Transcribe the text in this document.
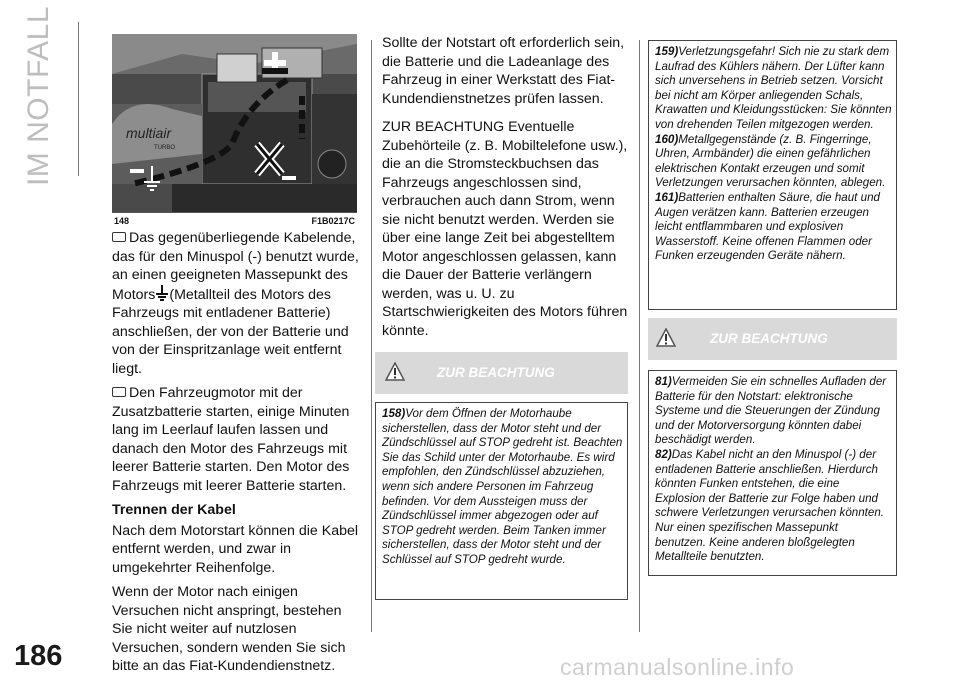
IM NOTFALL	multiair
TURBO
148	F1B0217C

Das gegenüberliegende Kabelende, das für den Minuspol (-) benutzt wurde, an einen geeigneten Massepunkt des Motors (Metallteil des Motors des Fahrzeugs mit entladener Batterie) anschließen, der von der Batterie und von der Einspritzanlage weit entfernt liegt.

Den Fahrzeugmotor mit der Zusatzbatterie starten, einige Minuten lang im Leerlauf laufen lassen und danach den Motor des Fahrzeugs mit leerer Batterie starten. Den Motor des Fahrzeugs mit leerer Batterie starten.

Trennen der Kabel

Nach dem Motorstart können die Kabel entfernt werden, und zwar in umgekehrter Reihenfolge.

Wenn der Motor nach einigen Versuchen nicht anspringt, bestehen Sie nicht weiter auf nutzlosen Versuchen, sondern wenden Sie sich bitte an das Fiat-Kundendienstnetz.

Sollte der Notstart oft erforderlich sein, die Batterie und die Ladeanlage des Fahrzeug in einer Werkstatt des Fiat-Kundendienstnetzes prüfen lassen.

ZUR BEACHTUNG Eventuelle Zubehörteile (z. B. Mobiltelefone usw.), die an die Stromsteckbuchsen das Fahrzeugs angeschlossen sind, verbrauchen auch dann Strom, wenn sie nicht benutzt werden. Werden sie über eine lange Zeit bei abgestelltem Motor angeschlossen gelassen, kann die Dauer der Batterie verlängern werden, was u. U. zu Startschwierigkeiten des Motors führen könnte.

ZUR BEACHTUNG

158)Vor dem Öffnen der Motorhaube sicherstellen, dass der Motor steht und der Zündschlüssel auf STOP gedreht ist. Beachten Sie das Schild unter der Motorhaube. Es wird empfohlen, den Zündschlüssel abzuziehen, wenn sich andere Personen im Fahrzeug befinden. Vor dem Aussteigen muss der Zündschlüssel immer abgezogen oder auf STOP gedreht werden. Beim Tanken immer sicherstellen, dass der Motor steht und der Schlüssel auf STOP gedreht wurde.

159)Verletzungsgefahr! Sich nie zu stark dem Laufrad des Kühlers nähern. Der Lüfter kann sich unversehens in Betrieb setzen. Vorsicht bei nicht am Körper anliegenden Schals, Krawatten und Kleidungsstücken: Sie könnten von drehenden Teilen mitgezogen werden.

160)Metallgegenstände (z. B. Fingerringe, Uhren, Armbänder) die einen gefährlichen elektrischen Kontakt erzeugen und somit Verletzungen verursachen könnten, ablegen.

161)Batterien enthalten Säure, die haut und Augen verätzen kann. Batterien erzeugen leicht entflammbaren und explosiven Wasserstoff. Keine offenen Flammen oder Funken erzeugenden Geräte nähern.

ZUR BEACHTUNG

81)Vermeiden Sie ein schnelles Aufladen der Batterie für den Notstart: elektronische Systeme und die Steuerungen der Zündung und der Motorversorgung könnten dabei beschädigt werden.

82)Das Kabel nicht an den Minuspol (-) der entladenen Batterie anschließen. Hierdurch könnten Funken entstehen, die eine Explosion der Batterie zur Folge haben und schwere Verletzungen verursachen könnten. Nur einen spezifischen Massepunkt benutzen. Keine anderen bloßgelegten Metallteile benutzten.

186	carmanualsonline.info
